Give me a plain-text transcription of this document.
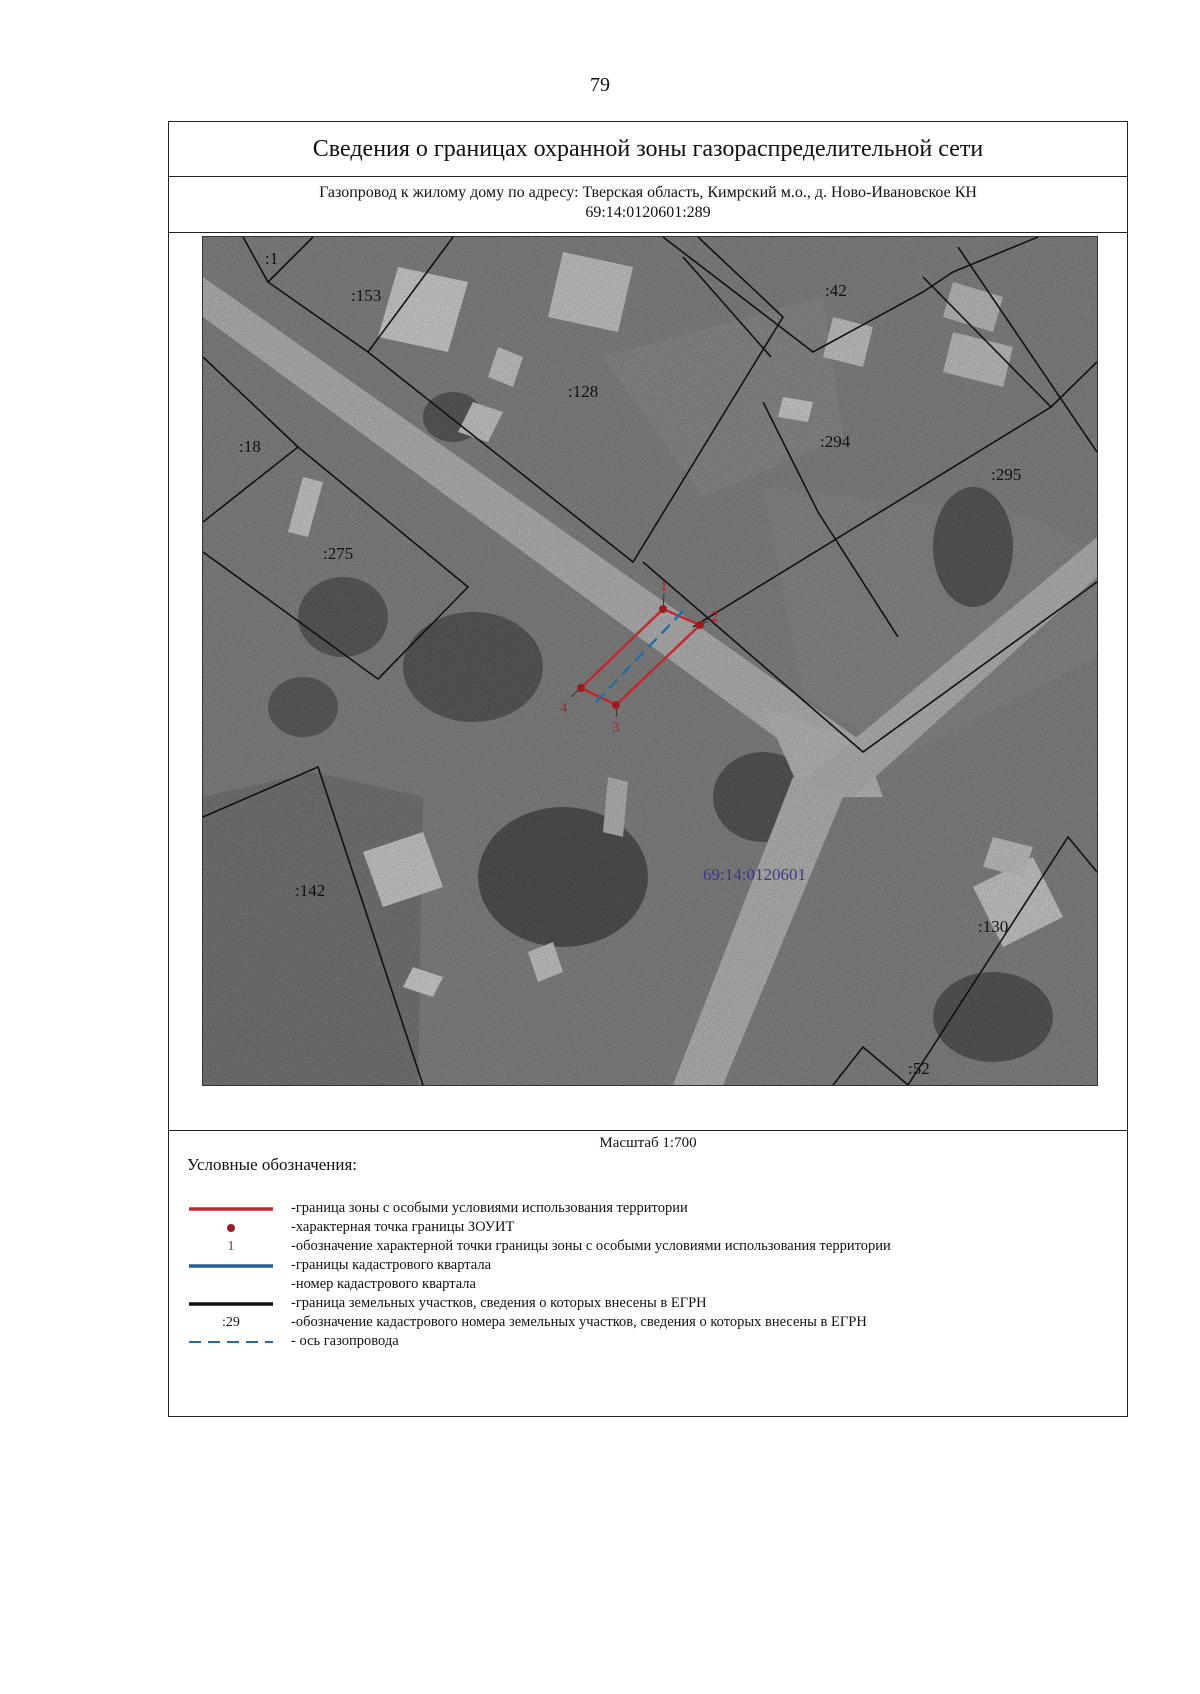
79
Сведения о границах охранной зоны газораспределительной сети
Газопровод к жилому дому по адресу: Тверская область, Кимрский м.о., д. Ново-Ивановское КН
69:14:0120601:289
1
2
3
4
:1
:153	:42
:128
:294
:295
:18
:275
:142
:130
:52
69:14:0120601
Масштаб 1:700
Условные обозначения:
-граница зоны с особыми условиями использования территории
-характерная точка границы ЗОУИТ
1	-обозначение характерной точки границы зоны с особыми условиями использования территории
-границы кадастрового квартала
-номер кадастрового квартала
-граница земельных участков, сведения о которых внесены в ЕГРН
:29	-обозначение кадастрового номера земельных участков, сведения о которых внесены в ЕГРН
- ось газопровода
